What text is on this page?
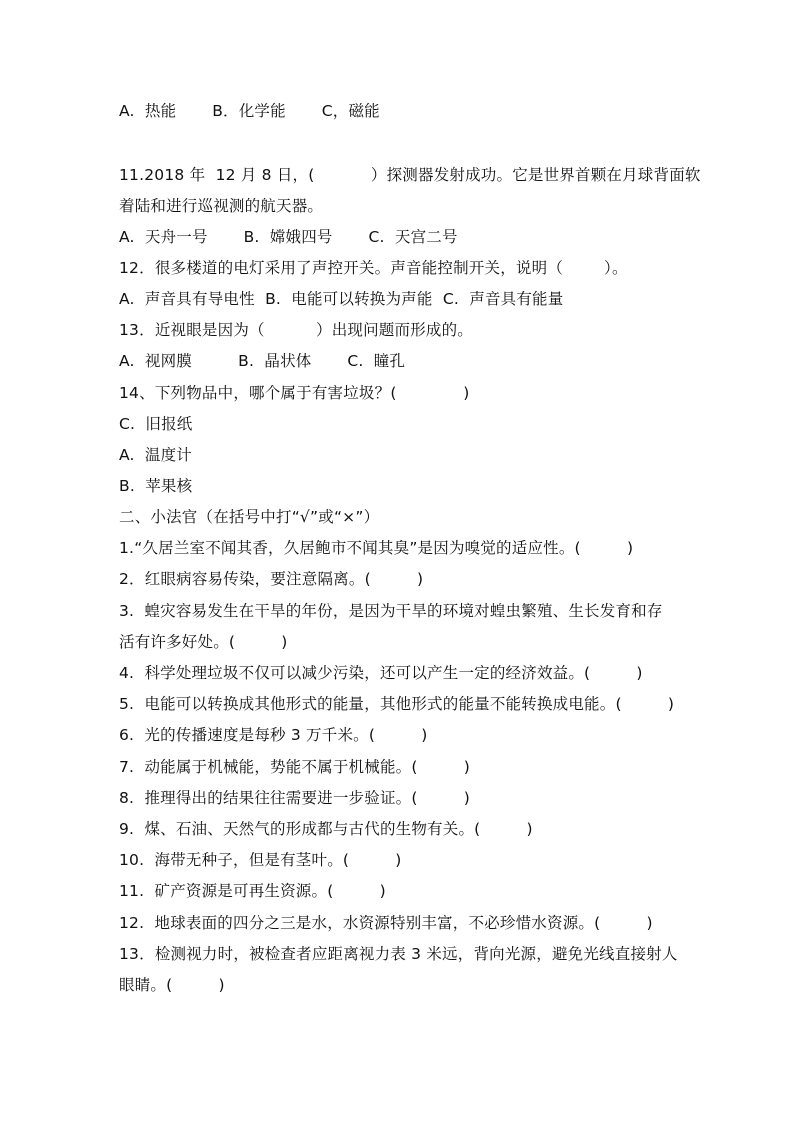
A.  热能       B．化学能       C，磁能
11.2018 年  12 月 8 日，(           ）探测器发射成功。它是世界首颗在月球背面软
着陆和进行巡视测的航天器。
A.  天舟一号       B.  嫦娥四号       C.  天宫二号
12．很多楼道的电灯采用了声控开关。声音能控制开关，说明（        ）。
A.  声音具有导电性  B.  电能可以转换为声能  C.  声音具有能量
13．近视眼是因为（          ）出现问题而形成的。
A.  视网膜         B.  晶状体       C.  瞳孔
14、下列物品中，哪个属于有害垃圾？(             )
C.  旧报纸
A.  温度计
B.  苹果核
二、小法官（在括号中打“√”或“×”）
1.“久居兰室不闻其香，久居鲍市不闻其臭”是因为嗅觉的适应性。(         )
2．红眼病容易传染，要注意隔离。(         )
3.  蝗灾容易发生在干旱的年份，是因为干旱的环境对蝗虫繁殖、生长发育和存
活有许多好处。(         )
4.  科学处理垃圾不仅可以减少污染，还可以产生一定的经济效益。(         )
5.  电能可以转换成其他形式的能量，其他形式的能量不能转换成电能。(         )
6.  光的传播速度是每秒 3 万千米。(         )
7.  动能属于机械能，势能不属于机械能。(         )
8.  推理得出的结果往往需要进一步验证。(         )
9.  煤、石油、天然气的形成都与古代的生物有关。(         )
10.  海带无种子，但是有茎叶。(         )
11.  矿产资源是可再生资源。(         )
12.  地球表面的四分之三是水，水资源特别丰富，不必珍惜水资源。(         )
13．检测视力时，被检查者应距离视力表 3 米远，背向光源，避免光线直接射人
眼睛。(         )
